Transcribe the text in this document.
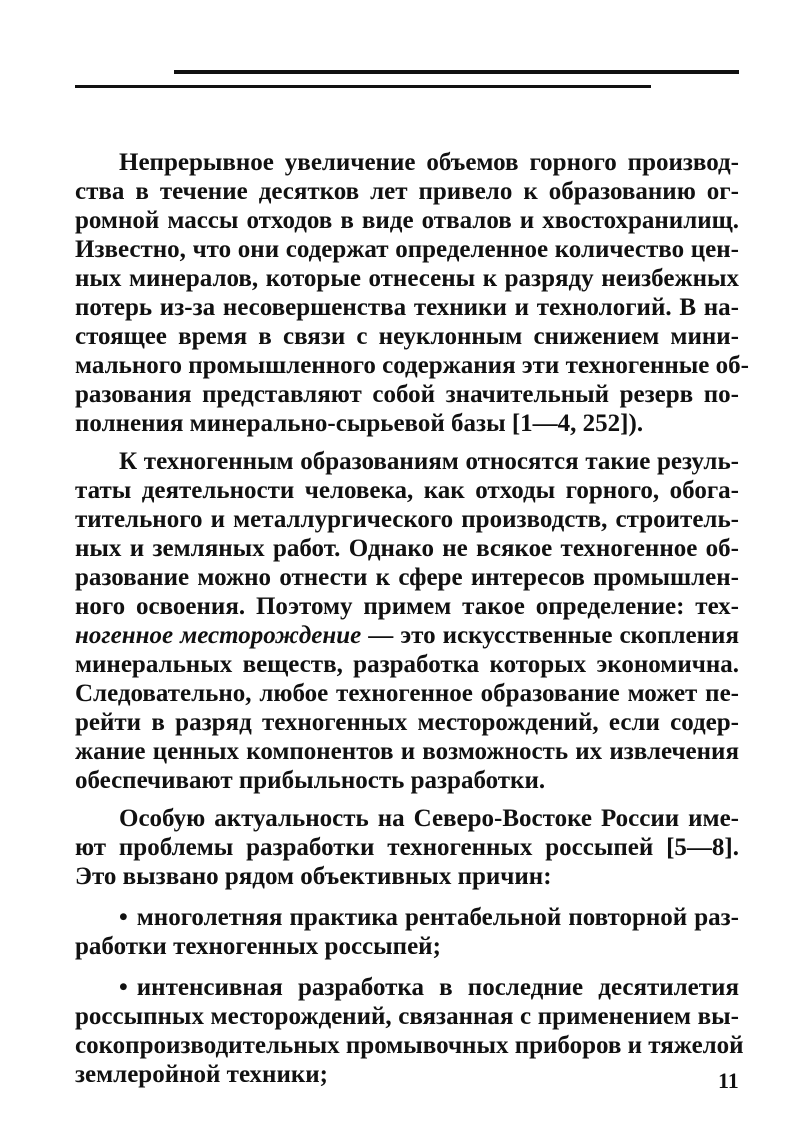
Непрерывное увеличение объемов горного производ-
ства в течение десятков лет привело к образованию ог-
ромной массы отходов в виде отвалов и хвостохранилищ.
Известно, что они содержат определенное количество цен-
ных минералов, которые отнесены к разряду неизбежных
потерь из-за несовершенства техники и технологий. В на-
стоящее время в связи с неуклонным снижением мини-
мального промышленного содержания эти техногенные об-
разования представляют собой значительный резерв по-
полнения минерально-сырьевой базы [1—4, 252]).
К техногенным образованиям относятся такие резуль-
таты деятельности человека, как отходы горного, обога-
тительного и металлургического производств, строитель-
ных и земляных работ. Однако не всякое техногенное об-
разование можно отнести к сфере интересов промышлен-
ного освоения. Поэтому примем такое определение: тех-
ногенное месторождение — это искусственные скопления
минеральных веществ, разработка которых экономична.
Следовательно, любое техногенное образование может пе-
рейти в разряд техногенных месторождений, если содер-
жание ценных компонентов и возможность их извлечения
обеспечивают прибыльность разработки.
Особую актуальность на Северо-Востоке России име-
ют проблемы разработки техногенных россыпей [5—8].
Это вызвано рядом объективных причин:
• многолетняя практика рентабельной повторной раз-
работки техногенных россыпей;
• интенсивная разработка в последние десятилетия
россыпных месторождений, связанная с применением вы-
сокопроизводительных промывочных приборов и тяжелой
землеройной техники;	11
